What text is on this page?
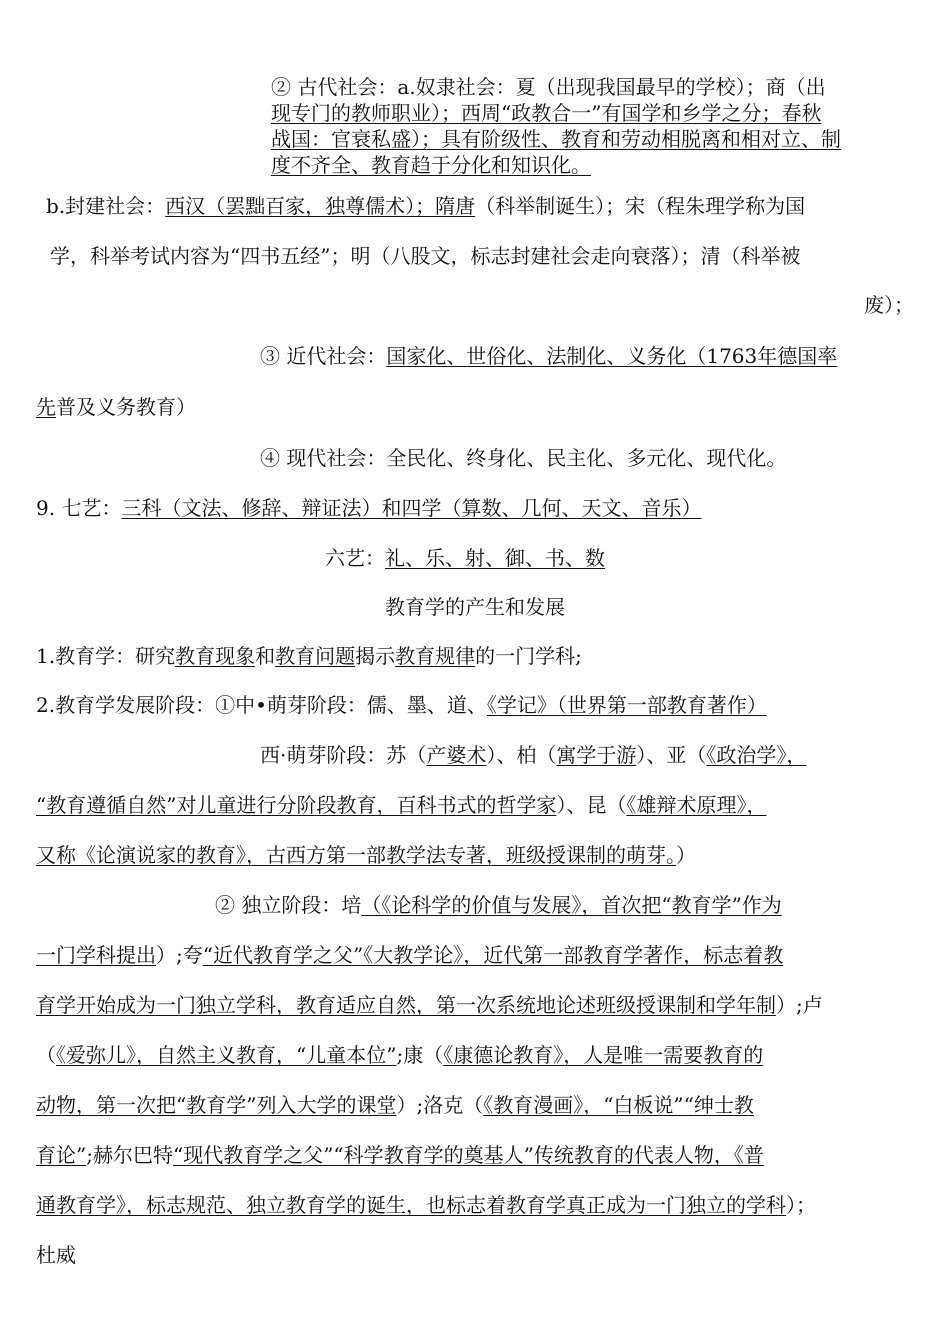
② 古代社会：a.奴隶社会：夏（出现我国最早的学校）；商（出
现专门的教师职业）；西周“政教合一”有国学和乡学之分；春秋
战国：官衰私盛）；具有阶级性、教育和劳动相脱离和相对立、制
度不齐全、教育趋于分化和知识化。
b.封建社会：西汉（罢黜百家，独尊儒术）；隋唐（科举制诞生）；宋（程朱理学称为国
学，科举考试内容为“四书五经”；明（八股文，标志封建社会走向衰落）；清（科举被
废）；
③ 近代社会：国家化、世俗化、法制化、义务化（1763年德国率
先普及义务教育）
④ 现代社会：全民化、终身化、民主化、多元化、现代化。
9. 七艺：三科（文法、修辞、辩证法）和四学（算数、几何、天文、音乐）
六艺：礼、乐、射、御、书、数
教育学的产生和发展
1.教育学：研究教育现象和教育问题揭示教育规律的一门学科;
2.教育学发展阶段：①中•萌芽阶段：儒、墨、道、《学记》（世界第一部教育著作）
西·萌芽阶段：苏（产婆术）、柏（寓学于游）、亚（《政治学》，
“教育遵循自然”对儿童进行分阶段教育，百科书式的哲学家）、昆（《雄辩术原理》，
又称《论演说家的教育》，古西方第一部教学法专著，班级授课制的萌芽。）
② 独立阶段：培（《论科学的价值与发展》，首次把“教育学”作为
一门学科提出）;夸“近代教育学之父”《大教学论》，近代第一部教育学著作，标志着教
育学开始成为一门独立学科，教育适应自然，第一次系统地论述班级授课制和学年制）;卢
（《爱弥儿》，自然主义教育，“儿童本位”;康（《康德论教育》，人是唯一需要教育的
动物，第一次把“教育学”列入大学的课堂）;洛克（《教育漫画》，“白板说”“绅士教
育论”;赫尔巴特“现代教育学之父”“科学教育学的奠基人”传统教育的代表人物，《普
通教育学》，标志规范、独立教育学的诞生，也标志着教育学真正成为一门独立的学科）；
杜威
